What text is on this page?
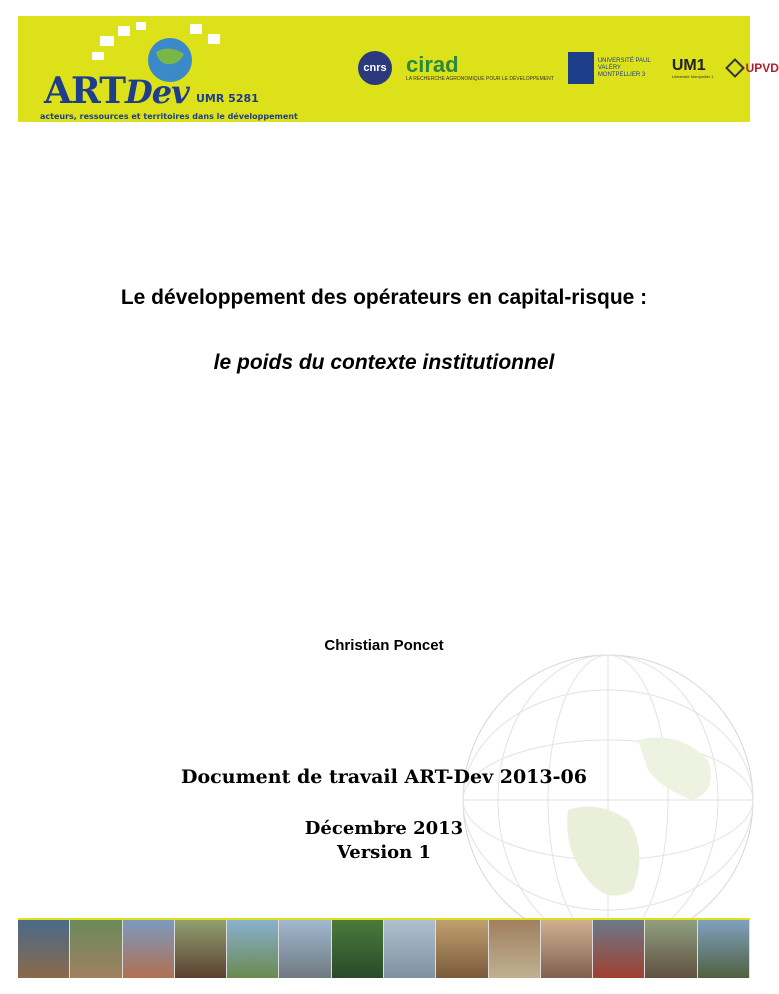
ARTDev UMR 5281
acteurs, ressources et territoires dans le développement
cnrs cirad
LA RECHERCHE AGRONOMIQUE POUR LE DÉVELOPPEMENT
UNIVERSITÉ PAUL VALÉRY MONTPELLIER 3
UM1
Université Montpellier 1
UPVD
Le développement des opérateurs en capital-risque :
le poids du contexte institutionnel
Christian Poncet
Document de travail ART-Dev 2013-06
Décembre 2013
Version 1
